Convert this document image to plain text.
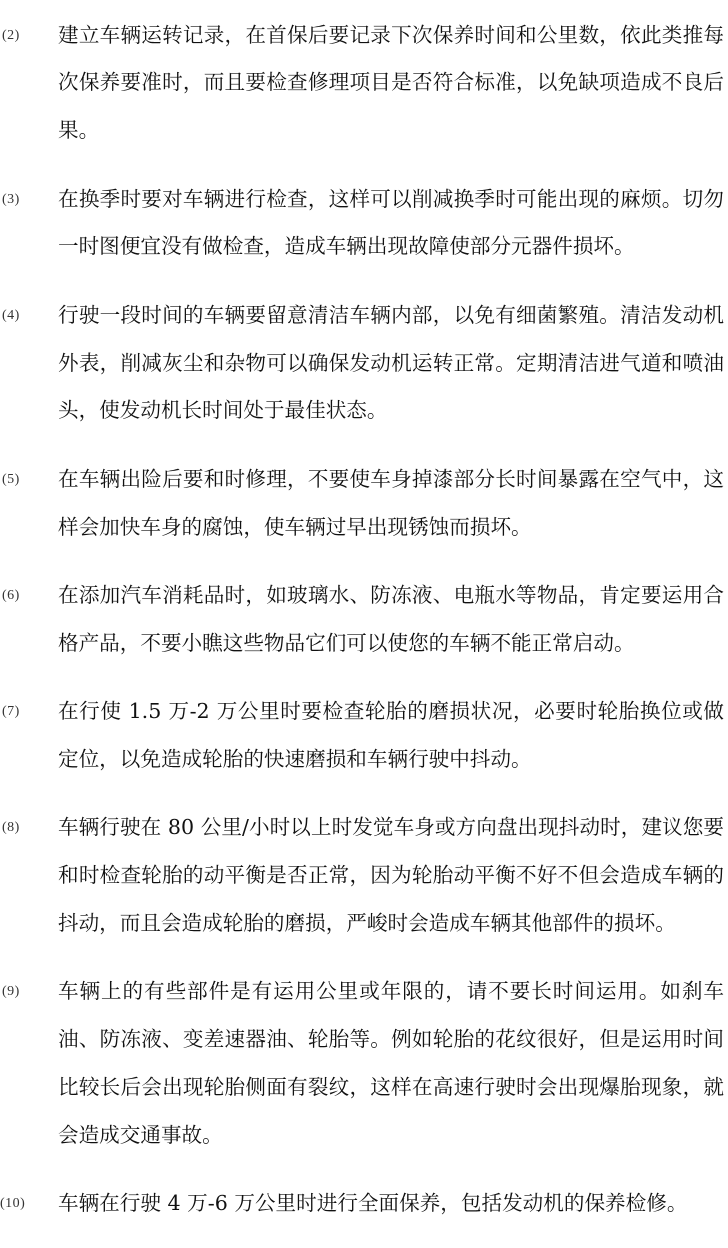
(2) 建立车辆运转记录，在首保后要记录下次保养时间和公里数，依此类推每次保养要准时，而且要检查修理项目是否符合标准，以免缺项造成不良后果。

(3) 在换季时要对车辆进行检查，这样可以削减换季时可能出现的麻烦。切勿一时图便宜没有做检查，造成车辆出现故障使部分元器件损坏。

(4) 行驶一段时间的车辆要留意清洁车辆内部，以免有细菌繁殖。清洁发动机外表，削减灰尘和杂物可以确保发动机运转正常。定期清洁进气道和喷油头，使发动机长时间处于最佳状态。

(5) 在车辆出险后要和时修理，不要使车身掉漆部分长时间暴露在空气中，这样会加快车身的腐蚀，使车辆过早出现锈蚀而损坏。

(6) 在添加汽车消耗品时，如玻璃水、防冻液、电瓶水等物品，肯定要运用合格产品，不要小瞧这些物品它们可以使您的车辆不能正常启动。

(7) 在行使 1.5 万-2 万公里时要检查轮胎的磨损状况，必要时轮胎换位或做定位，以免造成轮胎的快速磨损和车辆行驶中抖动。

(8) 车辆行驶在 80 公里/小时以上时发觉车身或方向盘出现抖动时，建议您要和时检查轮胎的动平衡是否正常，因为轮胎动平衡不好不但会造成车辆的抖动，而且会造成轮胎的磨损，严峻时会造成车辆其他部件的损坏。

(9) 车辆上的有些部件是有运用公里或年限的，请不要长时间运用。如刹车油、防冻液、变差速器油、轮胎等。例如轮胎的花纹很好，但是运用时间比较长后会出现轮胎侧面有裂纹，这样在高速行驶时会出现爆胎现象，就会造成交通事故。

(10) 车辆在行驶 4 万-6 万公里时进行全面保养，包括发动机的保养检修。
